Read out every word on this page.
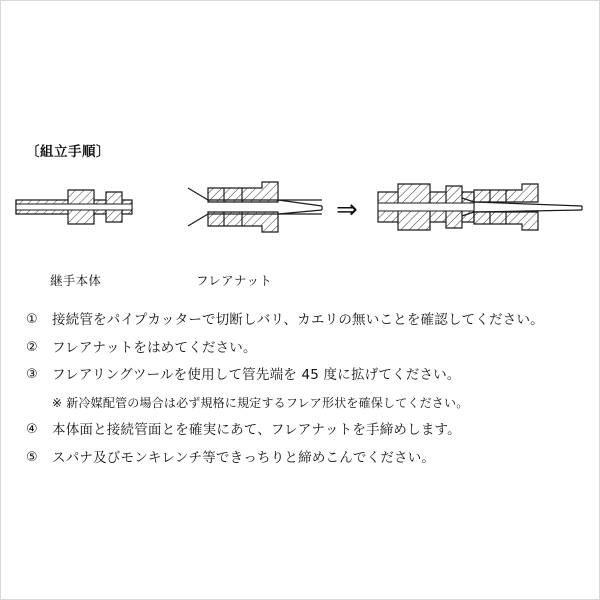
〔組立手順〕
⇒
継手本体	フレアナット
①	接続管をパイプカッターで切断しバリ、カエリの無いことを確認してください。
②	フレアナットをはめてください。
③	フレアリングツールを使用して管先端を 45 度に拡げてください。
※ 新冷媒配管の場合は必ず規格に規定するフレア形状を確保してください。
④	本体面と接続管面とを確実にあて、フレアナットを手締めします。
⑤	スパナ及びモンキレンチ等できっちりと締めこんでください。
